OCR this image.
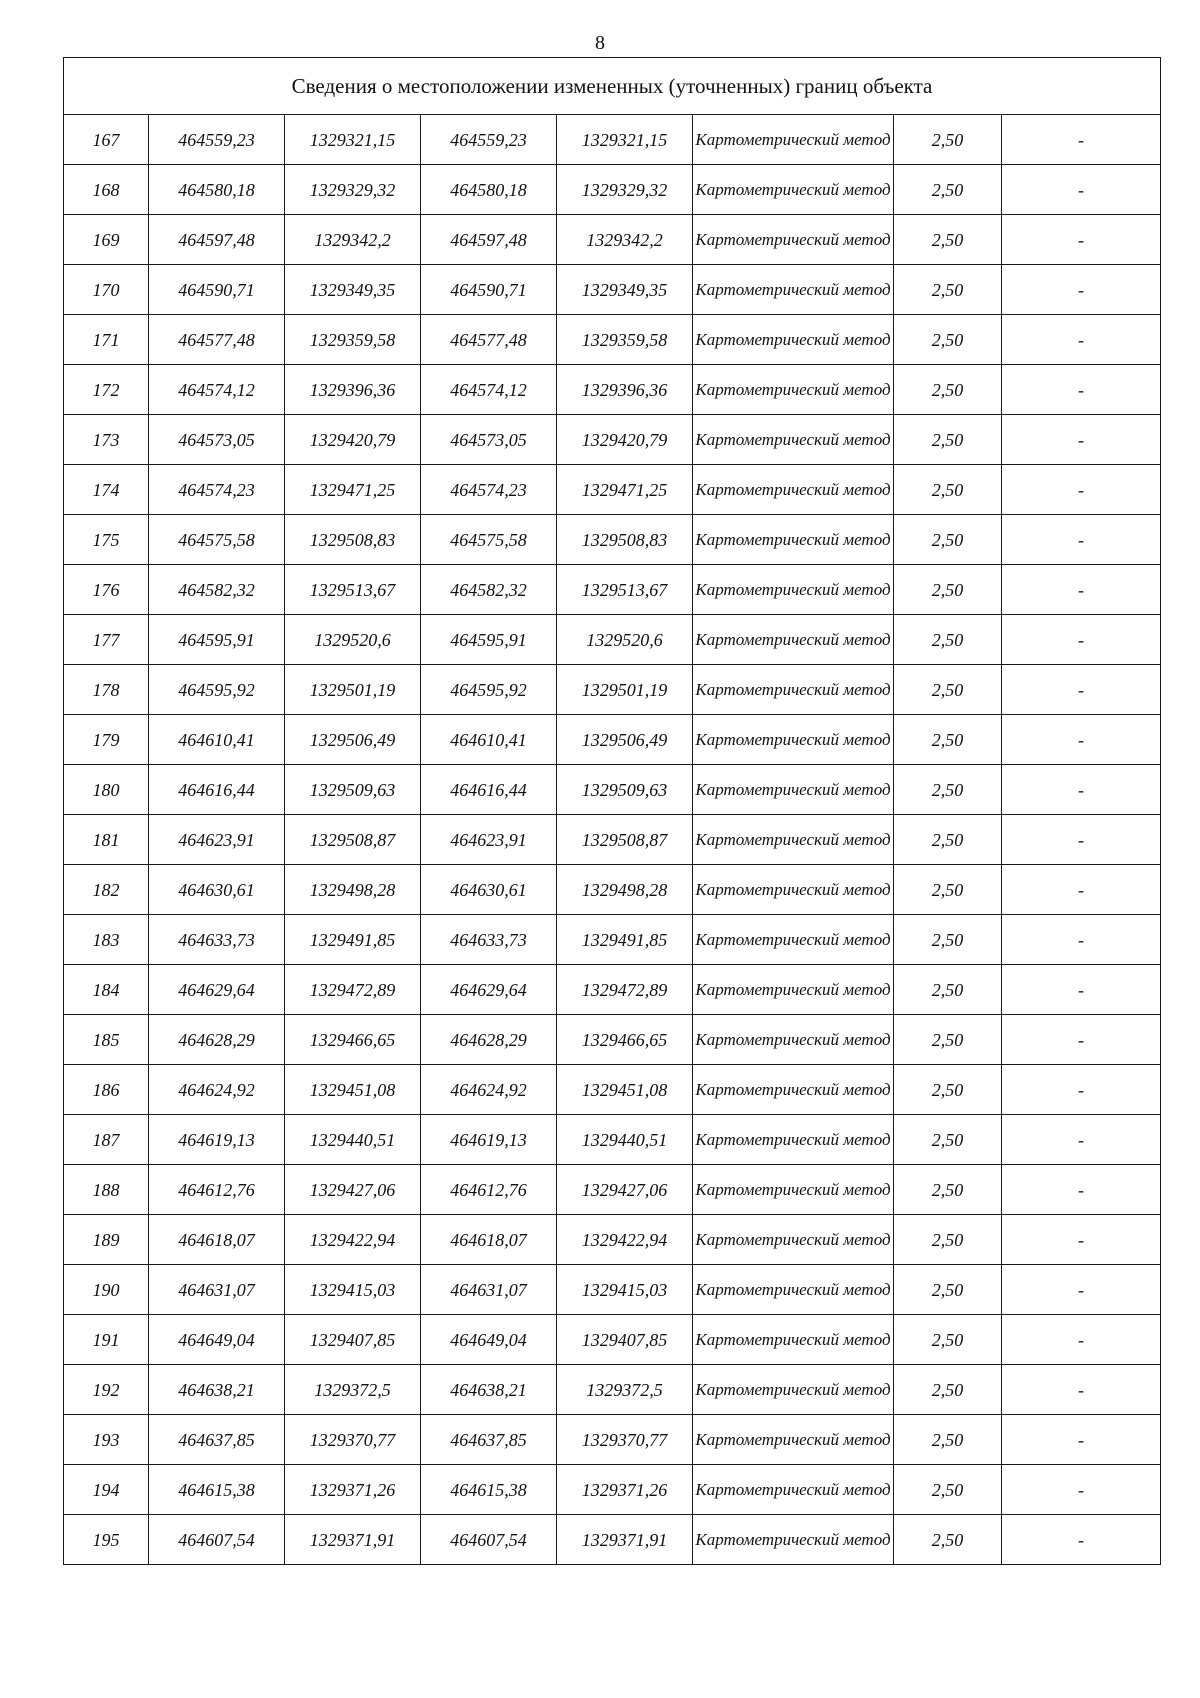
8
Сведения о местоположении измененных (уточненных) границ объекта							
167	464559,23	1329321,15	464559,23	1329321,15	Картометрический метод	2,50	-
168	464580,18	1329329,32	464580,18	1329329,32	Картометрический метод	2,50	-
169	464597,48	1329342,2	464597,48	1329342,2	Картометрический метод	2,50	-
170	464590,71	1329349,35	464590,71	1329349,35	Картометрический метод	2,50	-
171	464577,48	1329359,58	464577,48	1329359,58	Картометрический метод	2,50	-
172	464574,12	1329396,36	464574,12	1329396,36	Картометрический метод	2,50	-
173	464573,05	1329420,79	464573,05	1329420,79	Картометрический метод	2,50	-
174	464574,23	1329471,25	464574,23	1329471,25	Картометрический метод	2,50	-
175	464575,58	1329508,83	464575,58	1329508,83	Картометрический метод	2,50	-
176	464582,32	1329513,67	464582,32	1329513,67	Картометрический метод	2,50	-
177	464595,91	1329520,6	464595,91	1329520,6	Картометрический метод	2,50	-
178	464595,92	1329501,19	464595,92	1329501,19	Картометрический метод	2,50	-
179	464610,41	1329506,49	464610,41	1329506,49	Картометрический метод	2,50	-
180	464616,44	1329509,63	464616,44	1329509,63	Картометрический метод	2,50	-
181	464623,91	1329508,87	464623,91	1329508,87	Картометрический метод	2,50	-
182	464630,61	1329498,28	464630,61	1329498,28	Картометрический метод	2,50	-
183	464633,73	1329491,85	464633,73	1329491,85	Картометрический метод	2,50	-
184	464629,64	1329472,89	464629,64	1329472,89	Картометрический метод	2,50	-
185	464628,29	1329466,65	464628,29	1329466,65	Картометрический метод	2,50	-
186	464624,92	1329451,08	464624,92	1329451,08	Картометрический метод	2,50	-
187	464619,13	1329440,51	464619,13	1329440,51	Картометрический метод	2,50	-
188	464612,76	1329427,06	464612,76	1329427,06	Картометрический метод	2,50	-
189	464618,07	1329422,94	464618,07	1329422,94	Картометрический метод	2,50	-
190	464631,07	1329415,03	464631,07	1329415,03	Картометрический метод	2,50	-
191	464649,04	1329407,85	464649,04	1329407,85	Картометрический метод	2,50	-
192	464638,21	1329372,5	464638,21	1329372,5	Картометрический метод	2,50	-
193	464637,85	1329370,77	464637,85	1329370,77	Картометрический метод	2,50	-
194	464615,38	1329371,26	464615,38	1329371,26	Картометрический метод	2,50	-
195	464607,54	1329371,91	464607,54	1329371,91	Картометрический метод	2,50	-
